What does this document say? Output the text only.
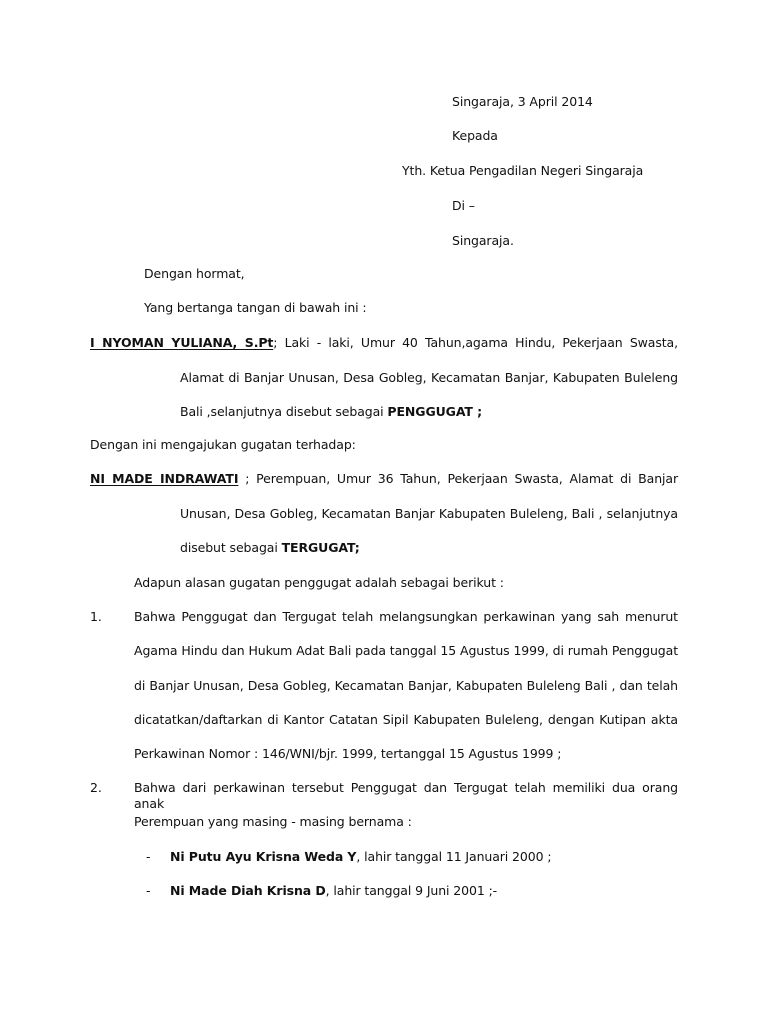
Singaraja, 3 April 2014
Kepada
Yth. Ketua Pengadilan Negeri Singaraja
Di –
Singaraja.
Dengan hormat,
Yang bertanga tangan di bawah ini :
I NYOMAN YULIANA, S.Pt; Laki - laki, Umur 40 Tahun,agama Hindu, Pekerjaan Swasta,
Alamat di Banjar Unusan, Desa Gobleg, Kecamatan Banjar, Kabupaten Buleleng
Bali ,selanjutnya disebut sebagai PENGGUGAT ;
Dengan ini mengajukan gugatan terhadap:
NI MADE INDRAWATI ; Perempuan, Umur 36 Tahun, Pekerjaan Swasta, Alamat di Banjar
Unusan, Desa Gobleg, Kecamatan Banjar Kabupaten Buleleng, Bali , selanjutnya
disebut sebagai TERGUGAT;
Adapun alasan gugatan penggugat adalah sebagai berikut :
1.	Bahwa Penggugat dan Tergugat telah melangsungkan perkawinan yang sah menurut
Agama Hindu dan Hukum Adat Bali pada tanggal 15 Agustus 1999, di rumah Penggugat
di Banjar Unusan, Desa Gobleg, Kecamatan Banjar, Kabupaten Buleleng Bali , dan telah
dicatatkan/daftarkan di Kantor Catatan Sipil Kabupaten Buleleng, dengan Kutipan akta
Perkawinan Nomor : 146/WNI/bjr. 1999, tertanggal 15 Agustus 1999 ;
2.	Bahwa dari perkawinan tersebut Penggugat dan Tergugat telah memiliki dua orang anak
Perempuan yang masing - masing bernama :
- Ni Putu Ayu Krisna Weda Y, lahir tanggal 11 Januari 2000 ;
- Ni Made Diah Krisna D, lahir tanggal 9 Juni 2001 ;-
